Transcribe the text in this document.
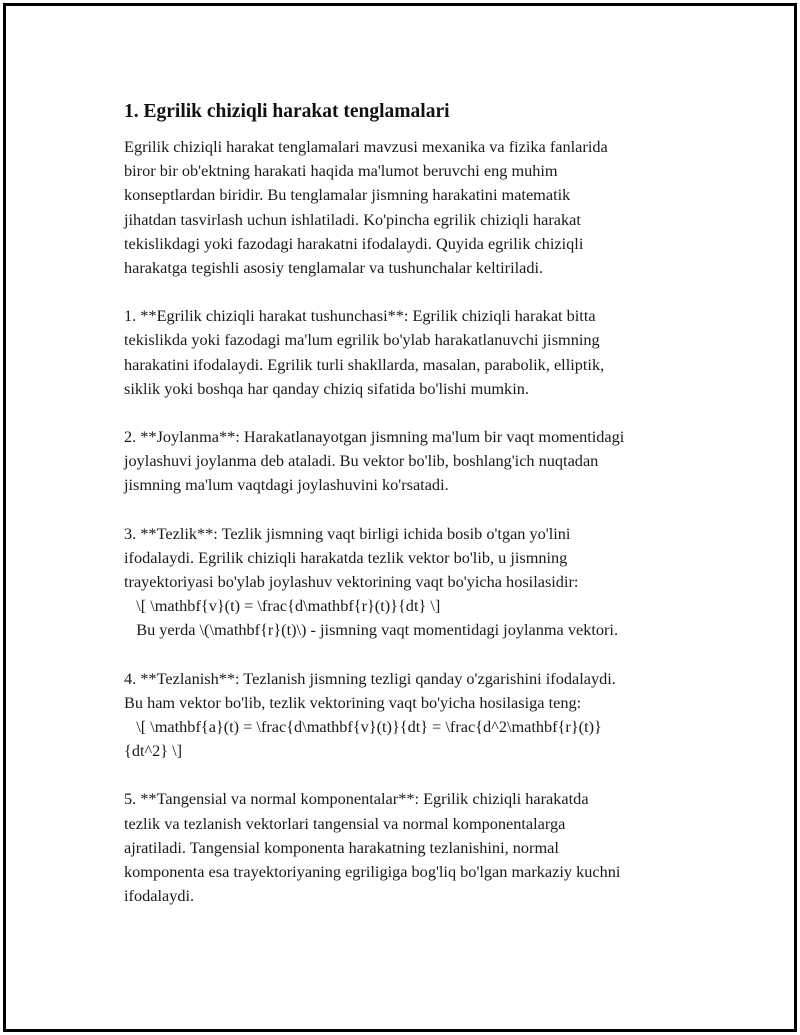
1. Egrilik chiziqli harakat tenglamalari

Egrilik chiziqli harakat tenglamalari mavzusi mexanika va fizika fanlarida
biror bir ob'ektning harakati haqida ma'lumot beruvchi eng muhim
konseptlardan biridir. Bu tenglamalar jismning harakatini matematik
jihatdan tasvirlash uchun ishlatiladi. Ko'pincha egrilik chiziqli harakat
tekislikdagi yoki fazodagi harakatni ifodalaydi. Quyida egrilik chiziqli
harakatga tegishli asosiy tenglamalar va tushunchalar keltiriladi.

1. **Egrilik chiziqli harakat tushunchasi**: Egrilik chiziqli harakat bitta
tekislikda yoki fazodagi ma'lum egrilik bo'ylab harakatlanuvchi jismning
harakatini ifodalaydi. Egrilik turli shakllarda, masalan, parabolik, elliptik,
siklik yoki boshqa har qanday chiziq sifatida bo'lishi mumkin.

2. **Joylanma**: Harakatlanayotgan jismning ma'lum bir vaqt momentidagi
joylashuvi joylanma deb ataladi. Bu vektor bo'lib, boshlang'ich nuqtadan
jismning ma'lum vaqtdagi joylashuvini ko'rsatadi.

3. **Tezlik**: Tezlik jismning vaqt birligi ichida bosib o'tgan yo'lini
ifodalaydi. Egrilik chiziqli harakatda tezlik vektor bo'lib, u jismning
trayektoriyasi bo'ylab joylashuv vektorining vaqt bo'yicha hosilasidir:
\[ \mathbf{v}(t) = \frac{d\mathbf{r}(t)}{dt} \]
Bu yerda \(\mathbf{r}(t)\) - jismning vaqt momentidagi joylanma vektori.

4. **Tezlanish**: Tezlanish jismning tezligi qanday o'zgarishini ifodalaydi.
Bu ham vektor bo'lib, tezlik vektorining vaqt bo'yicha hosilasiga teng:
\[ \mathbf{a}(t) = \frac{d\mathbf{v}(t)}{dt} = \frac{d^2\mathbf{r}(t)}
{dt^2} \]

5. **Tangensial va normal komponentalar**: Egrilik chiziqli harakatda
tezlik va tezlanish vektorlari tangensial va normal komponentalarga
ajratiladi. Tangensial komponenta harakatning tezlanishini, normal
komponenta esa trayektoriyaning egriligiga bog'liq bo'lgan markaziy kuchni
ifodalaydi.
